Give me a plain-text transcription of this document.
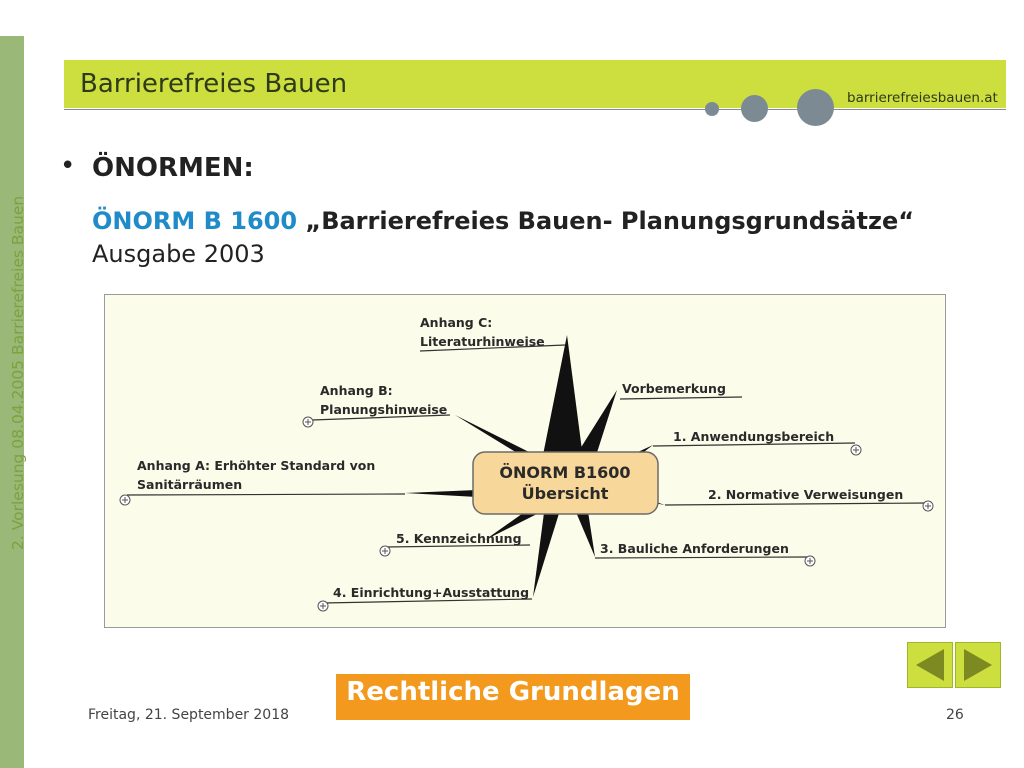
2. Vorlesung 08.04.2005 Barrierefreies Bauen
Barrierefreies Bauen	barrierefreiesbauen.at
• ÖNORMEN:
ÖNORM B 1600 „Barrierefreies Bauen- Planungsgrundsätze“
Ausgabe 2003
Anhang C:
Literaturhinweise
Anhang B:
Planungshinweise
Vorbemerkung
1. Anwendungsbereich
Anhang A: Erhöhter Standard von
Sanitärräumen
2. Normative Verweisungen
5. Kennzeichnung
3. Bauliche Anforderungen
4. Einrichtung+Ausstattung
ÖNORM B1600
Übersicht
Rechtliche Grundlagen
Freitag, 21. September 2018	26
